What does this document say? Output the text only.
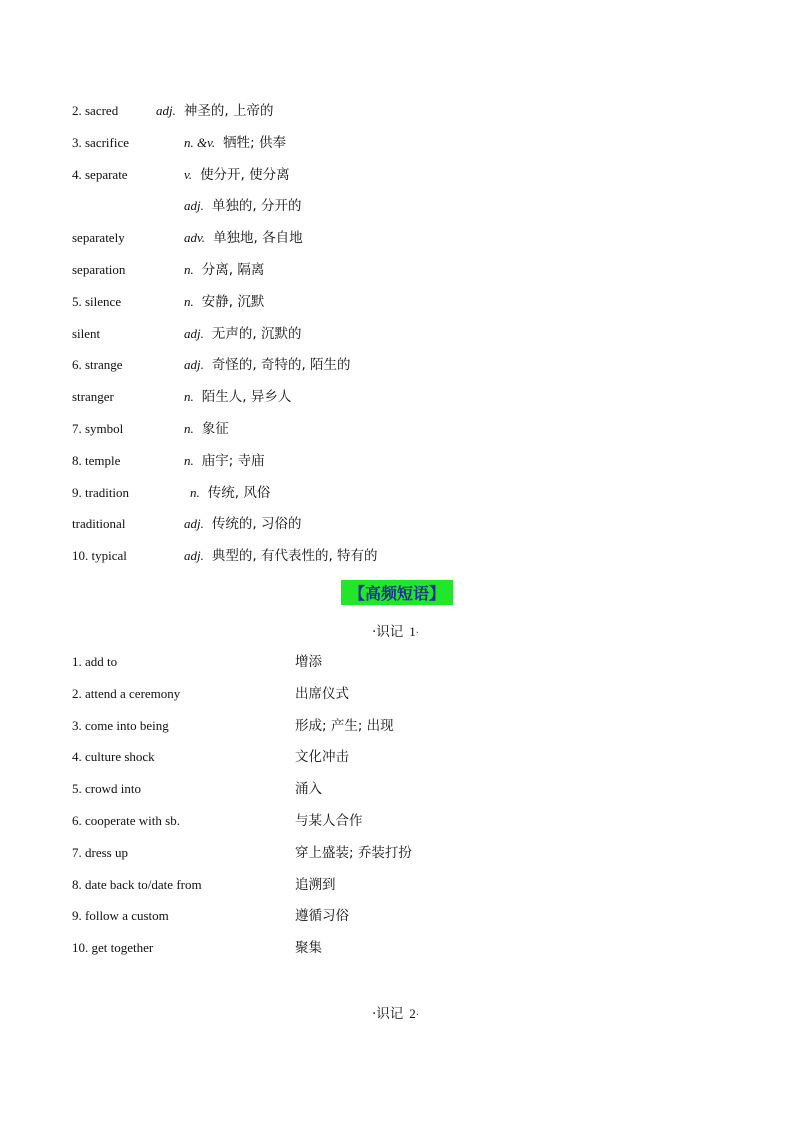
2. sacred	adj. 神圣的, 上帝的
3. sacrifice	n. &v. 牺牲; 供奉
4. separate	v. 使分开, 使分离
adj. 单独的, 分开的
separately	adv. 单独地, 各自地
separation	n. 分离, 隔离
5. silence	n. 安静, 沉默
silent	adj. 无声的, 沉默的
6. strange	adj. 奇怪的, 奇特的, 陌生的
stranger	n. 陌生人, 异乡人
7. symbol	n. 象征
8. temple	n. 庙宇; 寺庙
9. tradition	n. 传统, 风俗
traditional	adj. 传统的, 习俗的
10. typical	adj. 典型的, 有代表性的, 特有的
【高频短语】
·识记 1·
1. add to	增添
2. attend a ceremony	出席仪式
3. come into being	形成; 产生; 出现
4. culture shock	文化冲击
5. crowd into	涌入
6. cooperate with sb.	与某人合作
7. dress up	穿上盛装; 乔装打扮
8. date back to/date from	追溯到
9. follow a custom	遵循习俗
10. get together	聚集
·识记 2·
